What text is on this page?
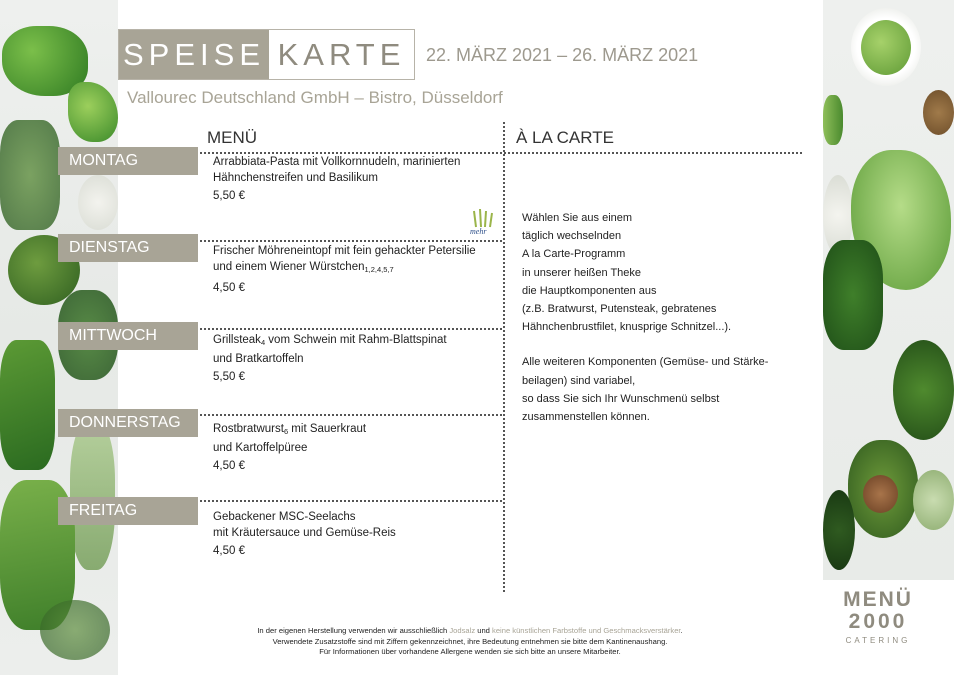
SPEISE KARTE	22. MÄRZ 2021 – 26. MÄRZ 2021
Vallourec Deutschland GmbH – Bistro, Düsseldorf
MENÜ	À LA CARTE
mehr
MONTAG	Arrabbiata-Pasta mit Vollkornnudeln, marinierten
Hähnchenstreifen und Basilikum
5,50 €
DIENSTAG	Frischer Möhreneintopf mit fein gehackter Petersilie
und einem Wiener Würstchen$_{1,2,4,5,7}$
4,50 €
MITTWOCH	Grillsteak$_4$ vom Schwein mit Rahm-Blattspinat
und Bratkartoffeln
5,50 €
DONNERSTAG	Rostbratwurst$_6$ mit Sauerkraut
und Kartoffelpüree
4,50 €
FREITAG	Gebackener MSC-Seelachs
mit Kräutersauce und Gemüse-Reis
4,50 €

Wählen Sie aus einem
täglich wechselnden
A la Carte-Programm
in unserer heißen Theke
die Hauptkomponenten aus
(z.B. Bratwurst, Putensteak, gebratenes
Hähnchenbrustfilet, knusprige Schnitzel...).

Alle weiteren Komponenten (Gemüse- und Stärke-
beilagen) sind variabel,
so dass Sie sich Ihr Wunschmenü selbst
zusammenstellen können.

In der eigenen Herstellung verwenden wir ausschließlich Jodsalz und keine künstlichen Farbstoffe und Geschmacksverstärker.
Verwendete Zusatzstoffe sind mit Ziffern gekennzeichnet, ihre Bedeutung entnehmen sie bitte dem Kantinenaushang.
Für Informationen über vorhandene Allergene wenden sie sich bitte an unsere Mitarbeiter.
MENÜ
2000
CATERING
